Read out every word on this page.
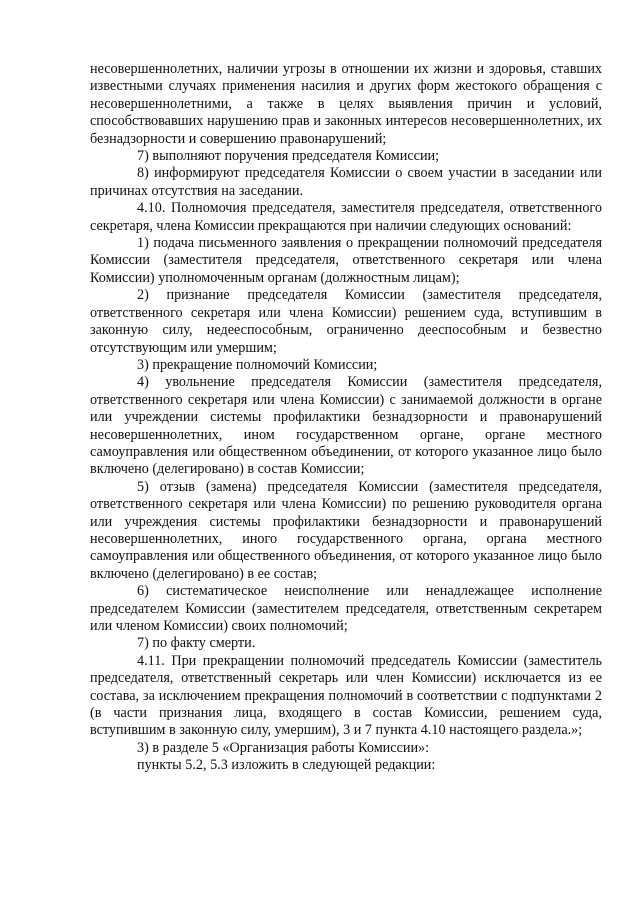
несовершеннолетних, наличии угрозы в отношении их жизни и здоровья, ставших известными случаях применения насилия и других форм жестокого обращения с несовершеннолетними, а также в целях выявления причин и условий, способствовавших нарушению прав и законных интересов несовершеннолетних, их безнадзорности и совершению правонарушений;

7) выполняют поручения председателя Комиссии;

8) информируют председателя Комиссии о своем участии в заседании или причинах отсутствия на заседании.

4.10. Полномочия председателя, заместителя председателя, ответственного секретаря, члена Комиссии прекращаются при наличии следующих оснований:

1) подача письменного заявления о прекращении полномочий председателя Комиссии (заместителя председателя, ответственного секретаря или члена Комиссии) уполномоченным органам (должностным лицам);

2) признание председателя Комиссии (заместителя председателя, ответственного секретаря или члена Комиссии) решением суда, вступившим в законную силу, недееспособным, ограниченно дееспособным и безвестно отсутствующим или умершим;

3) прекращение полномочий Комиссии;

4) увольнение председателя Комиссии (заместителя председателя, ответственного секретаря или члена Комиссии) с занимаемой должности в органе или учреждении системы профилактики безнадзорности и правонарушений несовершеннолетних, ином государственном органе, органе местного самоуправления или общественном объединении, от которого указанное лицо было включено (делегировано) в состав Комиссии;

5) отзыв (замена) председателя Комиссии (заместителя председателя, ответственного секретаря или члена Комиссии) по решению руководителя органа или учреждения системы профилактики безнадзорности и правонарушений несовершеннолетних, иного государственного органа, органа местного самоуправления или общественного объединения, от которого указанное лицо было включено (делегировано) в ее состав;

6) систематическое неисполнение или ненадлежащее исполнение председателем Комиссии (заместителем председателя, ответственным секретарем или членом Комиссии) своих полномочий;

7) по факту смерти.

4.11. При прекращении полномочий председатель Комиссии (заместитель председателя, ответственный секретарь или член Комиссии) исключается из ее состава, за исключением прекращения полномочий в соответствии с подпунктами 2 (в части признания лица, входящего в состав Комиссии, решением суда, вступившим в законную силу, умершим), 3 и 7 пункта 4.10 настоящего раздела.»;

3) в разделе 5 «Организация работы Комиссии»:

пункты 5.2, 5.3 изложить в следующей редакции:
